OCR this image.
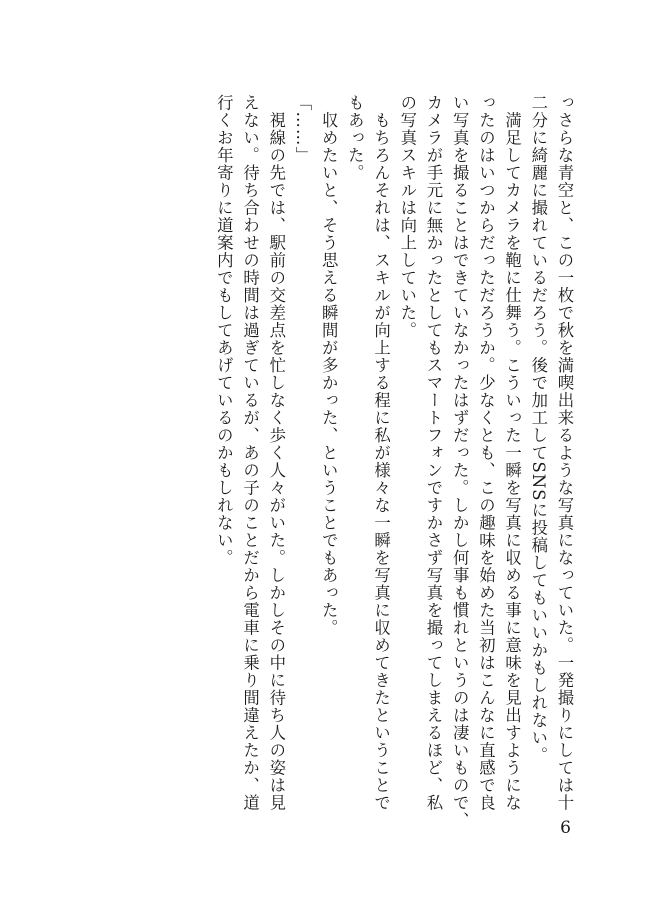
っさらな青空と、この一枚で秋を満喫出来るような写真になっていた。一発撮りにしては十
二分に綺麗に撮れているだろう。後で加工してSNSに投稿してもいいかもしれない。
　満足してカメラを鞄に仕舞う。こういった一瞬を写真に収める事に意味を見出すようにな
ったのはいつからだっただろうか。少なくとも、この趣味を始めた当初はこんなに直感で良
い写真を撮ることはできていなかったはずだった。しかし何事も慣れというのは凄いもので、
カメラが手元に無かったとしてもスマートフォンですかさず写真を撮ってしまえるほど、私
の写真スキルは向上していた。
　もちろんそれは、スキルが向上する程に私が様々な一瞬を写真に収めてきたということで
もあった。
　収めたいと、そう思える瞬間が多かった、ということでもあった。
「……」
　視線の先では、駅前の交差点を忙しなく歩く人々がいた。しかしその中に待ち人の姿は見
えない。待ち合わせの時間は過ぎているが、あの子のことだから電車に乗り間違えたか、道
行くお年寄りに道案内でもしてあげているのかもしれない。
6
